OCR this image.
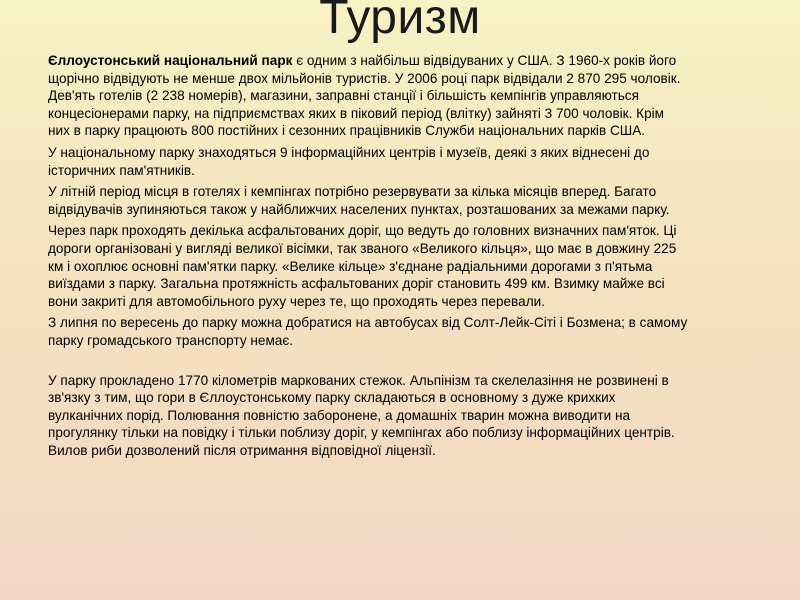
Туризм

Єллоустонський національний парк є одним з найбільш відвідуваних у США. З 1960-х років його щорічно відвідують не менше двох мільйонів туристів. У 2006 році парк відвідали 2 870 295 чоловік. Дев'ять готелів (2 238 номерів), магазини, заправні станції і більшість кемпінгів управляються концесіонерами парку, на підприємствах яких в піковий період (влітку) зайняті 3 700 чоловік. Крім них в парку працюють 800 постійних і сезонних працівників Служби національних парків США.

У національному парку знаходяться 9 інформаційних центрів і музеїв, деякі з яких віднесені до історичних пам'ятників.

У літній період місця в готелях і кемпінгах потрібно резервувати за кілька місяців вперед. Багато відвідувачів зупиняються також у найближчих населених пунктах, розташованих за межами парку.

Через парк проходять декілька асфальтованих доріг, що ведуть до головних визначних пам'яток. Ці дороги організовані у вигляді великої вісімки, так званого «Великого кільця», що має в довжину 225 км і охоплює основні пам'ятки парку. «Велике кільце» з'єднане радіальними дорогами з п'ятьма виїздами з парку. Загальна протяжність асфальтованих доріг становить 499 км. Взимку майже всі вони закриті для автомобільного руху через те, що проходять через перевали.

З липня по вересень до парку можна добратися на автобусах від Солт-Лейк-Сіті і Бозмена; в самому парку громадського транспорту немає.

У парку прокладено 1770 кілометрів маркованих стежок. Альпінізм та скелелазіння не розвинені в зв'язку з тим, що гори в Єллоустонському парку складаються в основному з дуже крихких вулканічних порід. Полювання повністю заборонене, а домашніх тварин можна виводити на прогулянку тільки на повідку і тільки поблизу доріг, у кемпінгах або поблизу інформаційних центрів. Вилов риби дозволений після отримання відповідної ліцензії.
